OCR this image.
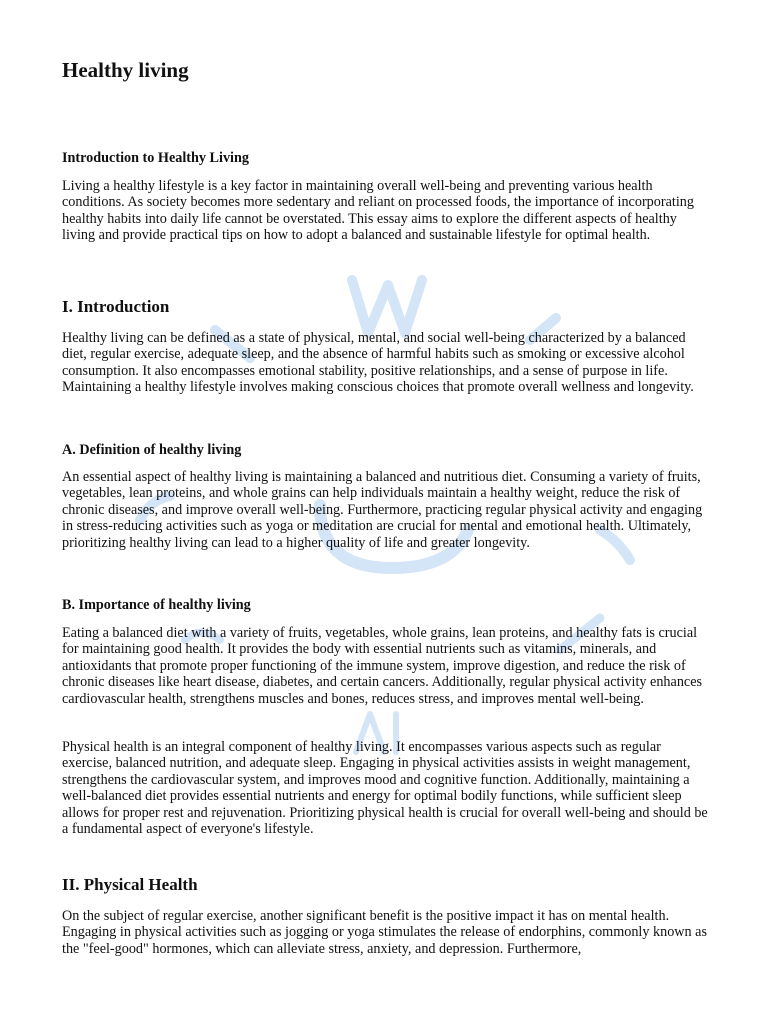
Healthy living
Introduction to Healthy Living

Living a healthy lifestyle is a key factor in maintaining overall well-being and preventing various health conditions. As society becomes more sedentary and reliant on processed foods, the importance of incorporating healthy habits into daily life cannot be overstated. This essay aims to explore the different aspects of healthy living and provide practical tips on how to adopt a balanced and sustainable lifestyle for optimal health.

I. Introduction

Healthy living can be defined as a state of physical, mental, and social well-being characterized by a balanced diet, regular exercise, adequate sleep, and the absence of harmful habits such as smoking or excessive alcohol consumption. It also encompasses emotional stability, positive relationships, and a sense of purpose in life. Maintaining a healthy lifestyle involves making conscious choices that promote overall wellness and longevity.

A. Definition of healthy living

An essential aspect of healthy living is maintaining a balanced and nutritious diet. Consuming a variety of fruits, vegetables, lean proteins, and whole grains can help individuals maintain a healthy weight, reduce the risk of chronic diseases, and improve overall well-being. Furthermore, practicing regular physical activity and engaging in stress-reducing activities such as yoga or meditation are crucial for mental and emotional health. Ultimately, prioritizing healthy living can lead to a higher quality of life and greater longevity.

B. Importance of healthy living

Eating a balanced diet with a variety of fruits, vegetables, whole grains, lean proteins, and healthy fats is crucial for maintaining good health. It provides the body with essential nutrients such as vitamins, minerals, and antioxidants that promote proper functioning of the immune system, improve digestion, and reduce the risk of chronic diseases like heart disease, diabetes, and certain cancers. Additionally, regular physical activity enhances cardiovascular health, strengthens muscles and bones, reduces stress, and improves mental well-being.

Physical health is an integral component of healthy living. It encompasses various aspects such as regular exercise, balanced nutrition, and adequate sleep. Engaging in physical activities assists in weight management, strengthens the cardiovascular system, and improves mood and cognitive function. Additionally, maintaining a well-balanced diet provides essential nutrients and energy for optimal bodily functions, while sufficient sleep allows for proper rest and rejuvenation. Prioritizing physical health is crucial for overall well-being and should be a fundamental aspect of everyone's lifestyle.

II. Physical Health

On the subject of regular exercise, another significant benefit is the positive impact it has on mental health. Engaging in physical activities such as jogging or yoga stimulates the release of endorphins, commonly known as the "feel-good" hormones, which can alleviate stress, anxiety, and depression. Furthermore,
